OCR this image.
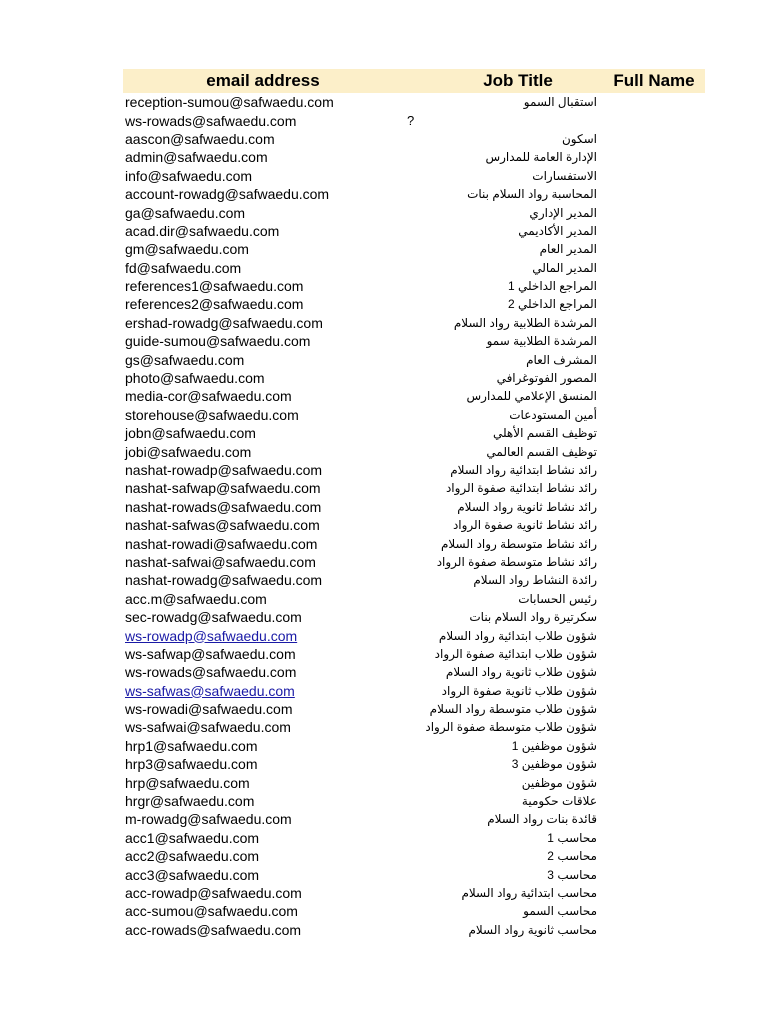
email address	Job Title	Full Name
reception-sumou@safwaedu.com	استقبال السمو
ws-rowads@safwaedu.com	?
aascon@safwaedu.com	اسكون
admin@safwaedu.com	الإدارة العامة للمدارس
info@safwaedu.com	الاستفسارات
account-rowadg@safwaedu.com	المحاسبة رواد السلام بنات
ga@safwaedu.com	المدير الإداري
acad.dir@safwaedu.com	المدير الأكاديمي
gm@safwaedu.com	المدير العام
fd@safwaedu.com	المدير المالي
references1@safwaedu.com	المراجع الداخلي 1
references2@safwaedu.com	المراجع الداخلي 2
ershad-rowadg@safwaedu.com	المرشدة الطلابية رواد السلام
guide-sumou@safwaedu.com	المرشدة الطلابية سمو
gs@safwaedu.com	المشرف العام
photo@safwaedu.com	المصور الفوتوغرافي
media-cor@safwaedu.com	المنسق الإعلامي للمدارس
storehouse@safwaedu.com	أمين المستودعات
jobn@safwaedu.com	توظيف القسم الأهلي
jobi@safwaedu.com	توظيف القسم العالمي
nashat-rowadp@safwaedu.com	رائد نشاط ابتدائية رواد السلام
nashat-safwap@safwaedu.com	رائد نشاط ابتدائية صفوة الرواد
nashat-rowads@safwaedu.com	رائد نشاط ثانوية رواد السلام
nashat-safwas@safwaedu.com	رائد نشاط ثانوية صفوة الرواد
nashat-rowadi@safwaedu.com	رائد نشاط متوسطة رواد السلام
nashat-safwai@safwaedu.com	رائد نشاط متوسطة صفوة الرواد
nashat-rowadg@safwaedu.com	رائدة النشاط رواد السلام
acc.m@safwaedu.com	رئيس الحسابات
sec-rowadg@safwaedu.com	سكرتيرة رواد السلام بنات
ws-rowadp@safwaedu.com	شؤون طلاب ابتدائية رواد السلام
ws-safwap@safwaedu.com	شؤون طلاب ابتدائية صفوة الرواد
ws-rowads@safwaedu.com	شؤون طلاب ثانوية رواد السلام
ws-safwas@safwaedu.com	شؤون طلاب ثانوية صفوة الرواد
ws-rowadi@safwaedu.com	شؤون طلاب متوسطة رواد السلام
ws-safwai@safwaedu.com	شؤون طلاب متوسطة صفوة الرواد
hrp1@safwaedu.com	شؤون موظفين 1
hrp3@safwaedu.com	شؤون موظفين 3
hrp@safwaedu.com	شؤون موظفين
hrgr@safwaedu.com	علاقات حكومية
m-rowadg@safwaedu.com	قائدة بنات رواد السلام
acc1@safwaedu.com	محاسب 1
acc2@safwaedu.com	محاسب 2
acc3@safwaedu.com	محاسب 3
acc-rowadp@safwaedu.com	محاسب ابتدائية رواد السلام
acc-sumou@safwaedu.com	محاسب السمو
acc-rowads@safwaedu.com	محاسب ثانوية رواد السلام
